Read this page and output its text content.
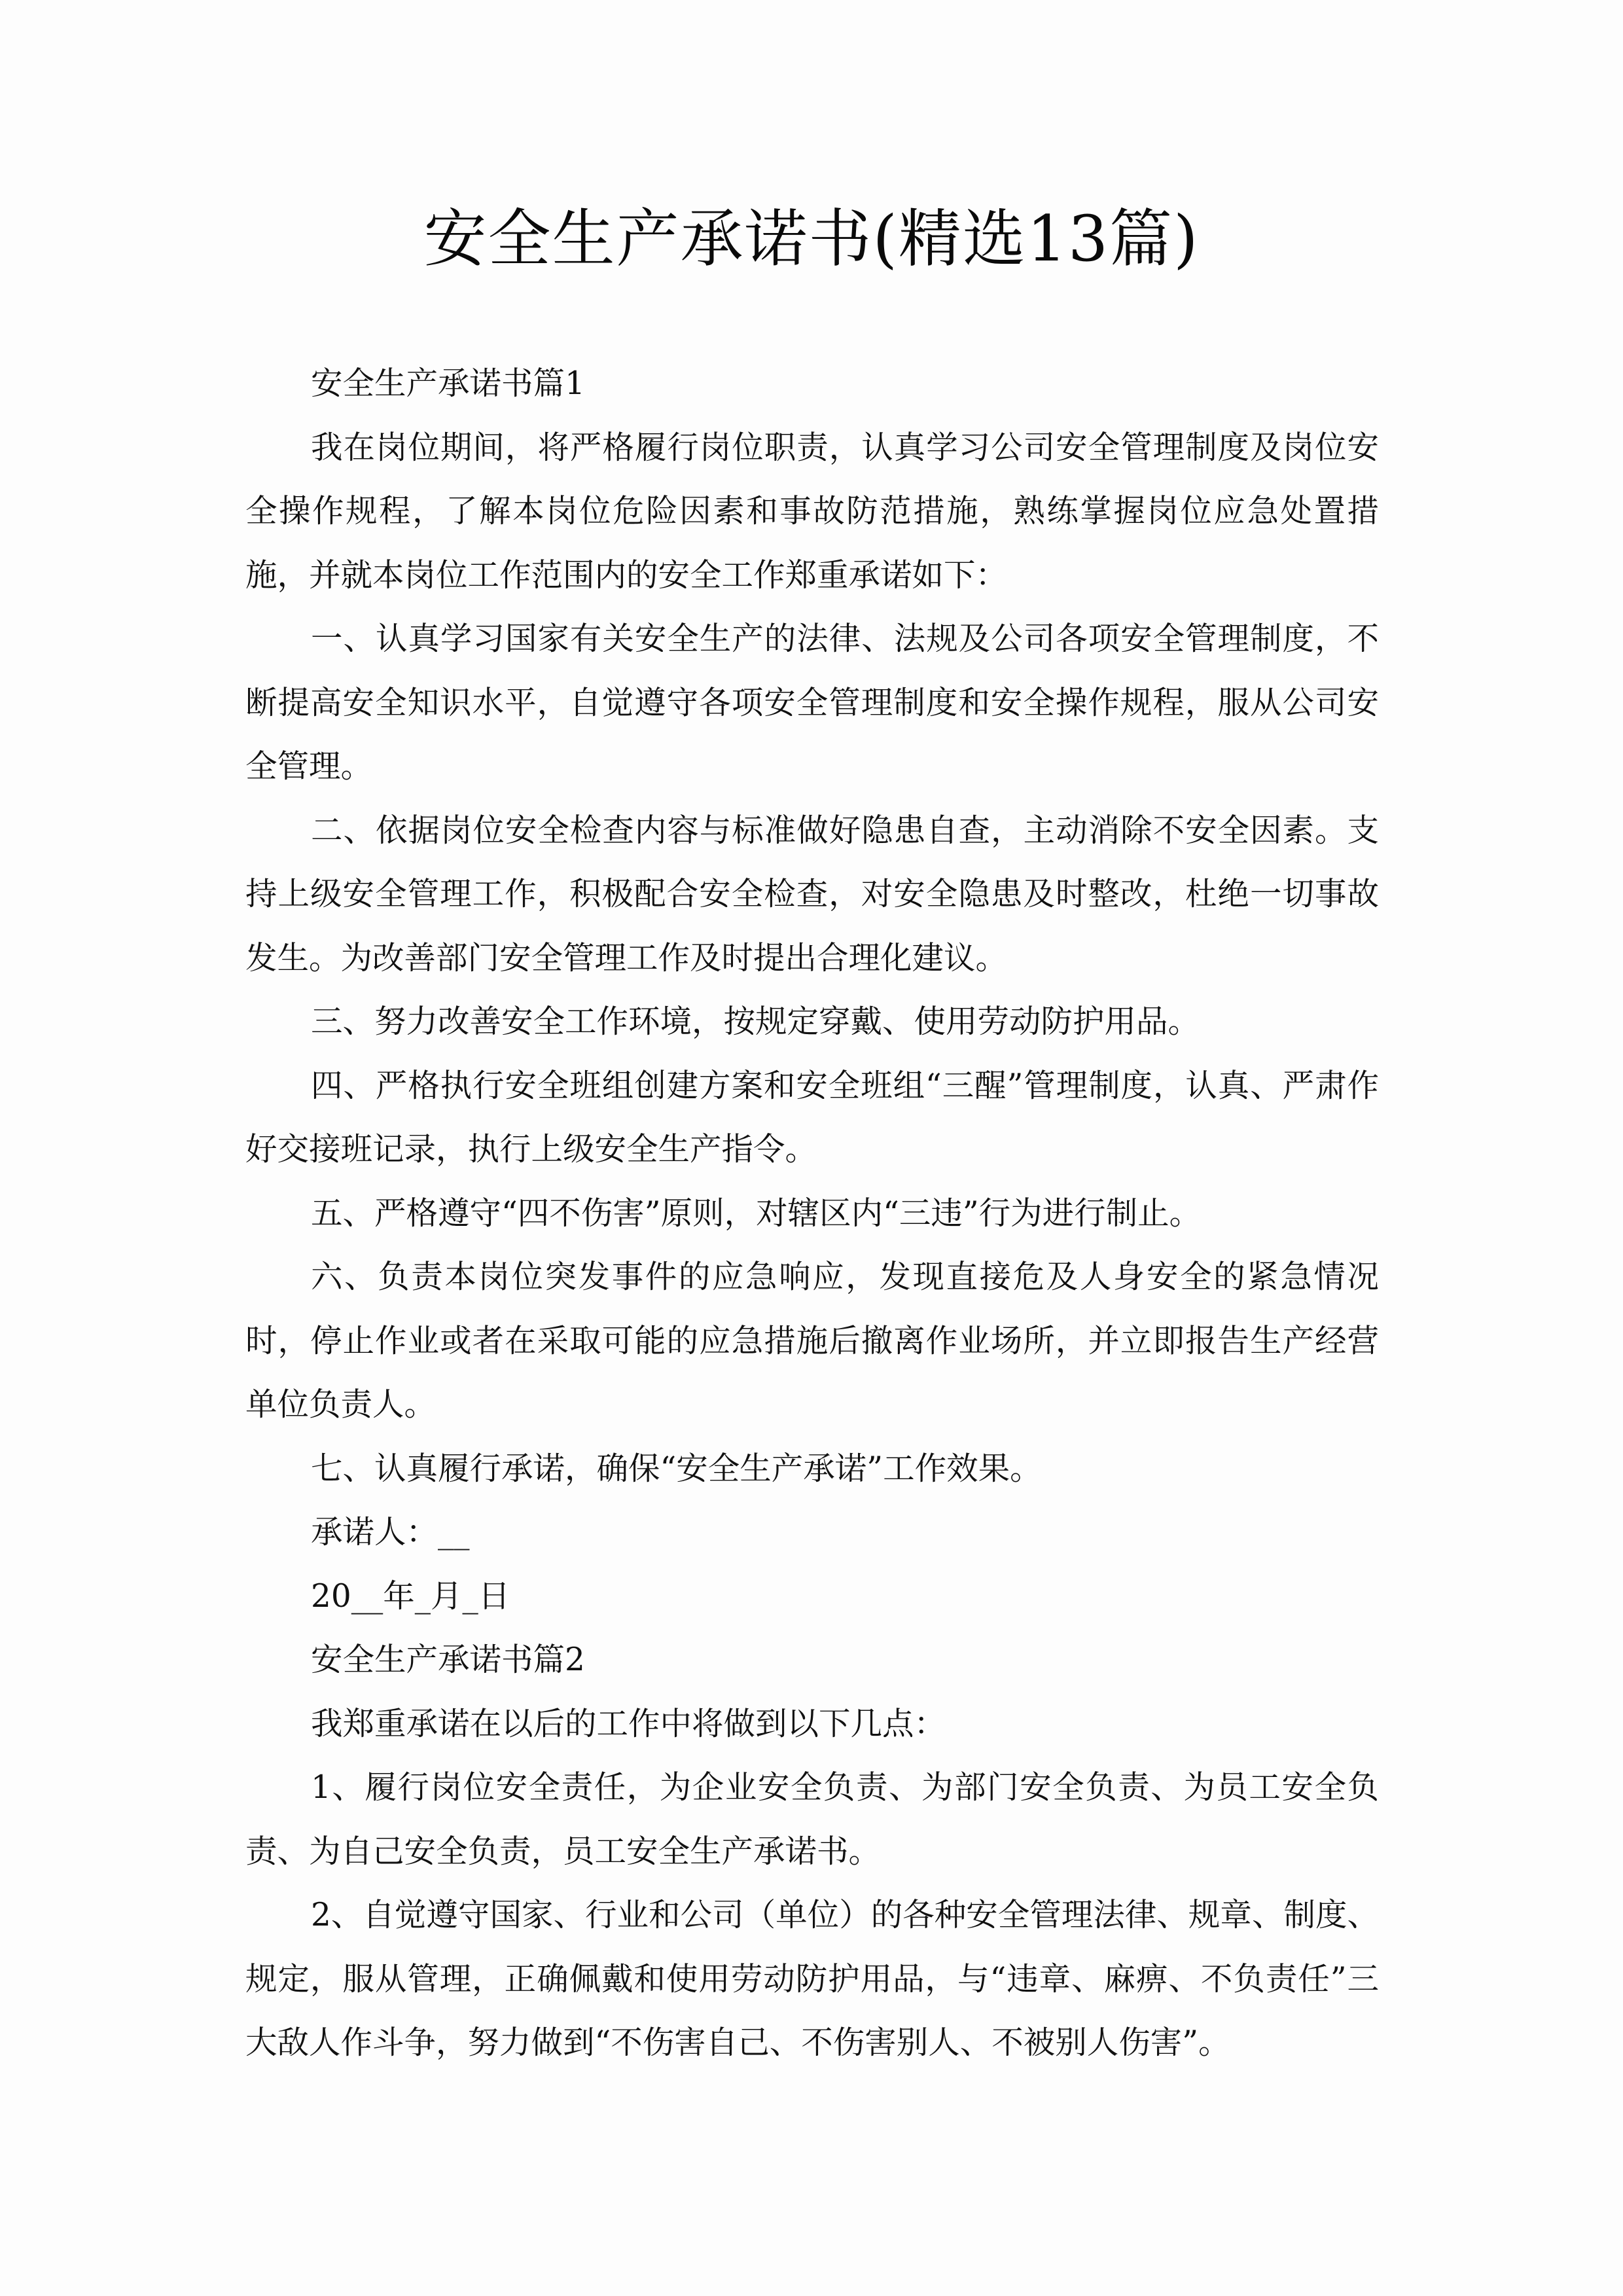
安全生产承诺书(精选13篇)

安全生产承诺书篇1

我在岗位期间，将严格履行岗位职责，认真学习公司安全管理制度及岗位安全操作规程，了解本岗位危险因素和事故防范措施，熟练掌握岗位应急处置措施，并就本岗位工作范围内的安全工作郑重承诺如下：

一、认真学习国家有关安全生产的法律、法规及公司各项安全管理制度，不断提高安全知识水平，自觉遵守各项安全管理制度和安全操作规程，服从公司安全管理。

二、依据岗位安全检查内容与标准做好隐患自查，主动消除不安全因素。支持上级安全管理工作，积极配合安全检查，对安全隐患及时整改，杜绝一切事故发生。为改善部门安全管理工作及时提出合理化建议。

三、努力改善安全工作环境，按规定穿戴、使用劳动防护用品。

四、严格执行安全班组创建方案和安全班组“三醒”管理制度，认真、严肃作好交接班记录，执行上级安全生产指令。

五、严格遵守“四不伤害”原则，对辖区内“三违”行为进行制止。

六、负责本岗位突发事件的应急响应，发现直接危及人身安全的紧急情况时，停止作业或者在采取可能的应急措施后撤离作业场所，并立即报告生产经营单位负责人。

七、认真履行承诺，确保“安全生产承诺”工作效果。

承诺人：__

20__年_月_日

安全生产承诺书篇2

我郑重承诺在以后的工作中将做到以下几点：

1、履行岗位安全责任，为企业安全负责、为部门安全负责、为员工安全负责、为自己安全负责，员工安全生产承诺书。

2、自觉遵守国家、行业和公司（单位）的各种安全管理法律、规章、制度、规定，服从管理，正确佩戴和使用劳动防护用品，与“违章、麻痹、不负责任”三大敌人作斗争，努力做到“不伤害自己、不伤害别人、不被别人伤害”。
